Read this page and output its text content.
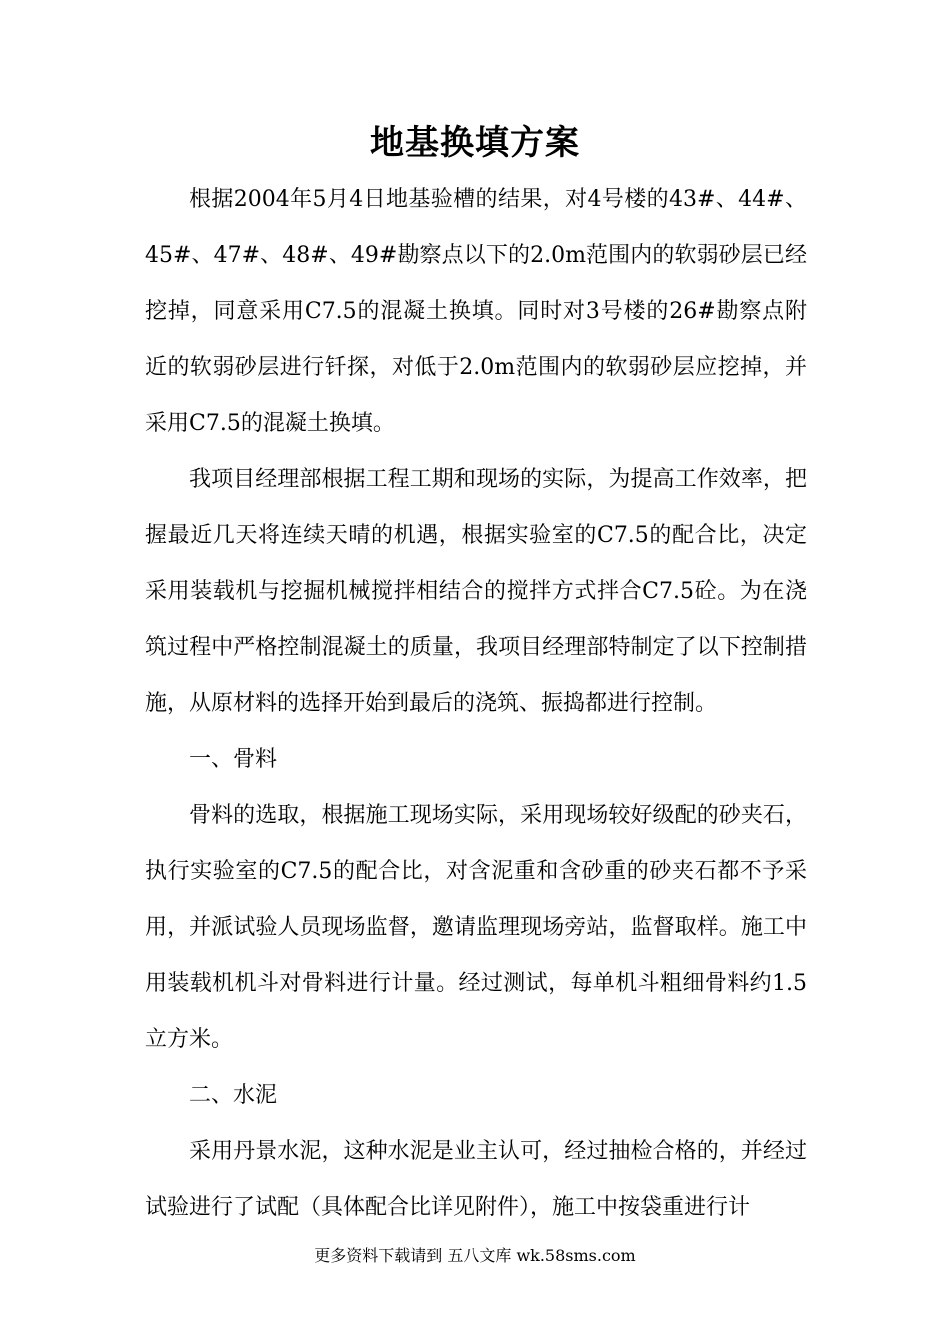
地基换填方案

根据2004年5月4日地基验槽的结果，对4号楼的43#、44#、45#、47#、48#、49#勘察点以下的2.0m范围内的软弱砂层已经挖掉，同意采用C7.5的混凝土换填。同时对3号楼的26#勘察点附近的软弱砂层进行钎探，对低于2.0m范围内的软弱砂层应挖掉，并采用C7.5的混凝土换填。

我项目经理部根据工程工期和现场的实际，为提高工作效率，把握最近几天将连续天晴的机遇，根据实验室的C7.5的配合比，决定采用装载机与挖掘机械搅拌相结合的搅拌方式拌合C7.5砼。为在浇筑过程中严格控制混凝土的质量，我项目经理部特制定了以下控制措施，从原材料的选择开始到最后的浇筑、振捣都进行控制。

一、骨料

骨料的选取，根据施工现场实际，采用现场较好级配的砂夹石，执行实验室的C7.5的配合比，对含泥重和含砂重的砂夹石都不予采用，并派试验人员现场监督，邀请监理现场旁站，监督取样。施工中用装载机机斗对骨料进行计量。经过测试，每单机斗粗细骨料约1.5立方米。

二、水泥

采用丹景水泥，这种水泥是业主认可，经过抽检合格的，并经过试验进行了试配（具体配合比详见附件），施工中按袋重进行计

更多资料下载请到 五八文库 wk.58sms.com
